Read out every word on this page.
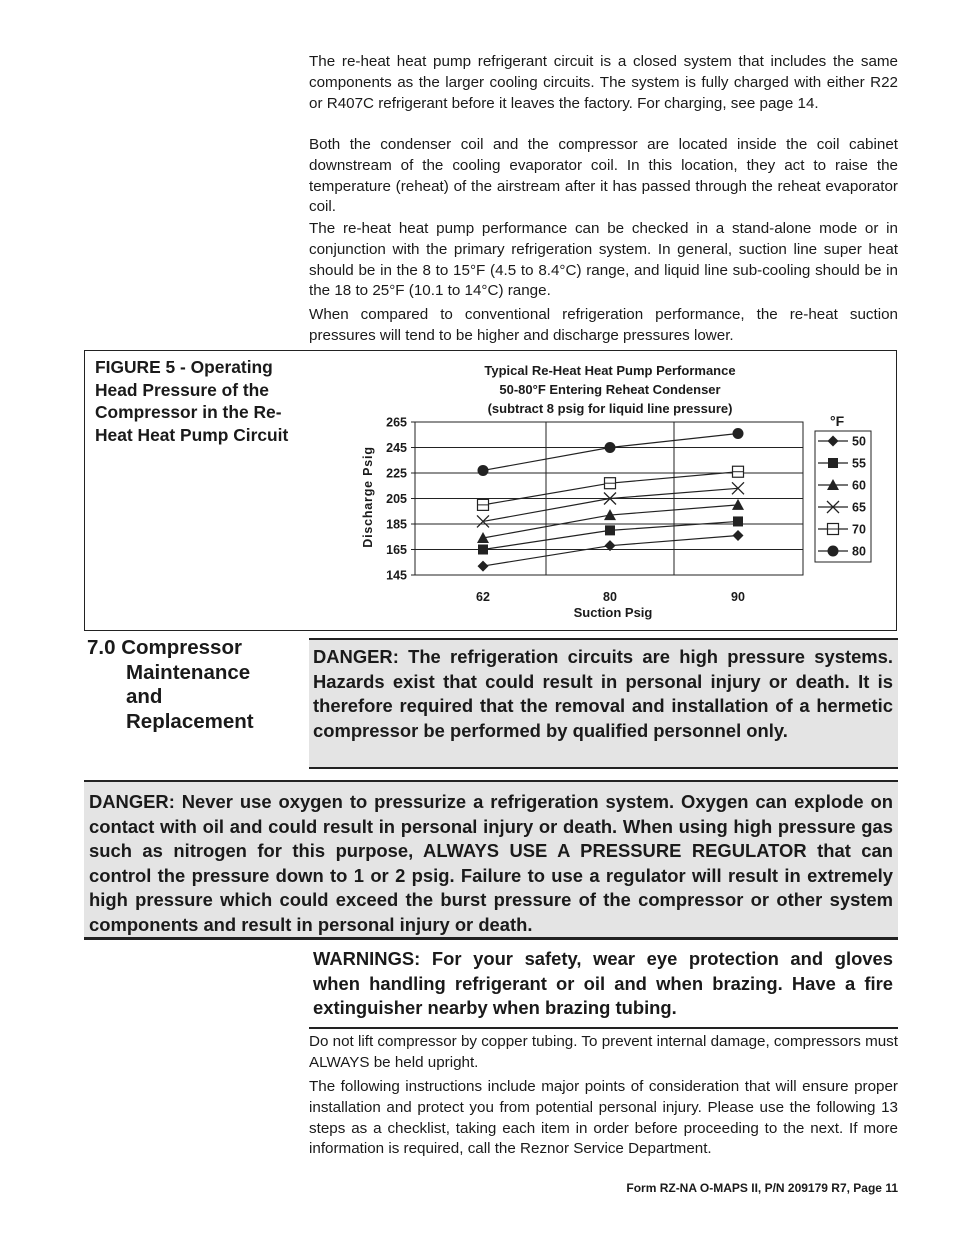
The re-heat heat pump refrigerant circuit is a closed system that includes the same components as the larger cooling circuits. The system is fully charged with either R22 or R407C refrigerant before it leaves the factory. For charging, see page 14.

Both the condenser coil and the compressor are located inside the coil cabinet downstream of the cooling evaporator coil. In this location, they act to raise the temperature (reheat) of the airstream after it has passed through the reheat evaporator coil.

The re-heat heat pump performance can be checked in a stand-alone mode or in conjunction with the primary refrigeration system. In general, suction line super heat should be in the 8 to 15°F (4.5 to 8.4°C) range, and liquid line sub-cooling should be in the 18 to 25°F (10.1 to 14°C) range.

When compared to conventional refrigeration performance, the re-heat suction pressures will tend to be higher and discharge pressures lower.

FIGURE 5 - Operating Head Pressure of the Compressor in the Re-Heat Heat Pump Circuit

Typical Re-Heat Heat Pump Performance

50-80°F Entering Reheat Condenser

(subtract 8 psig for liquid line pressure)

145
165
185
205
225
245
265
62	80	90
Suction Psig
Discharge Psig
°F
50
55
60
65
70
80
7.0 Compressor
Maintenance
and
Replacement

DANGER: The refrigeration circuits are high pressure systems. Hazards exist that could result in personal injury or death. It is therefore required that the removal and installation of a hermetic compressor be performed by qualified personnel only.

DANGER: Never use oxygen to pressurize a refrigeration system. Oxygen can explode on contact with oil and could result in personal injury or death. When using high pressure gas such as nitrogen for this purpose, ALWAYS USE A PRESSURE REGULATOR that can control the pressure down to 1 or 2 psig. Failure to use a regulator will result in extremely high pressure which could exceed the burst pressure of the compressor or other system components and result in personal injury or death.

WARNINGS: For your safety, wear eye protection and gloves when handling refrigerant or oil and when brazing. Have a fire extinguisher nearby when brazing tubing.

Do not lift compressor by copper tubing. To prevent internal damage, compressors must ALWAYS be held upright.

The following instructions include major points of consideration that will ensure proper installation and protect you from potential personal injury. Please use the following 13 steps as a checklist, taking each item in order before proceeding to the next. If more information is required, call the Reznor Service Department.

Form RZ-NA O-MAPS II, P/N 209179 R7, Page 11
